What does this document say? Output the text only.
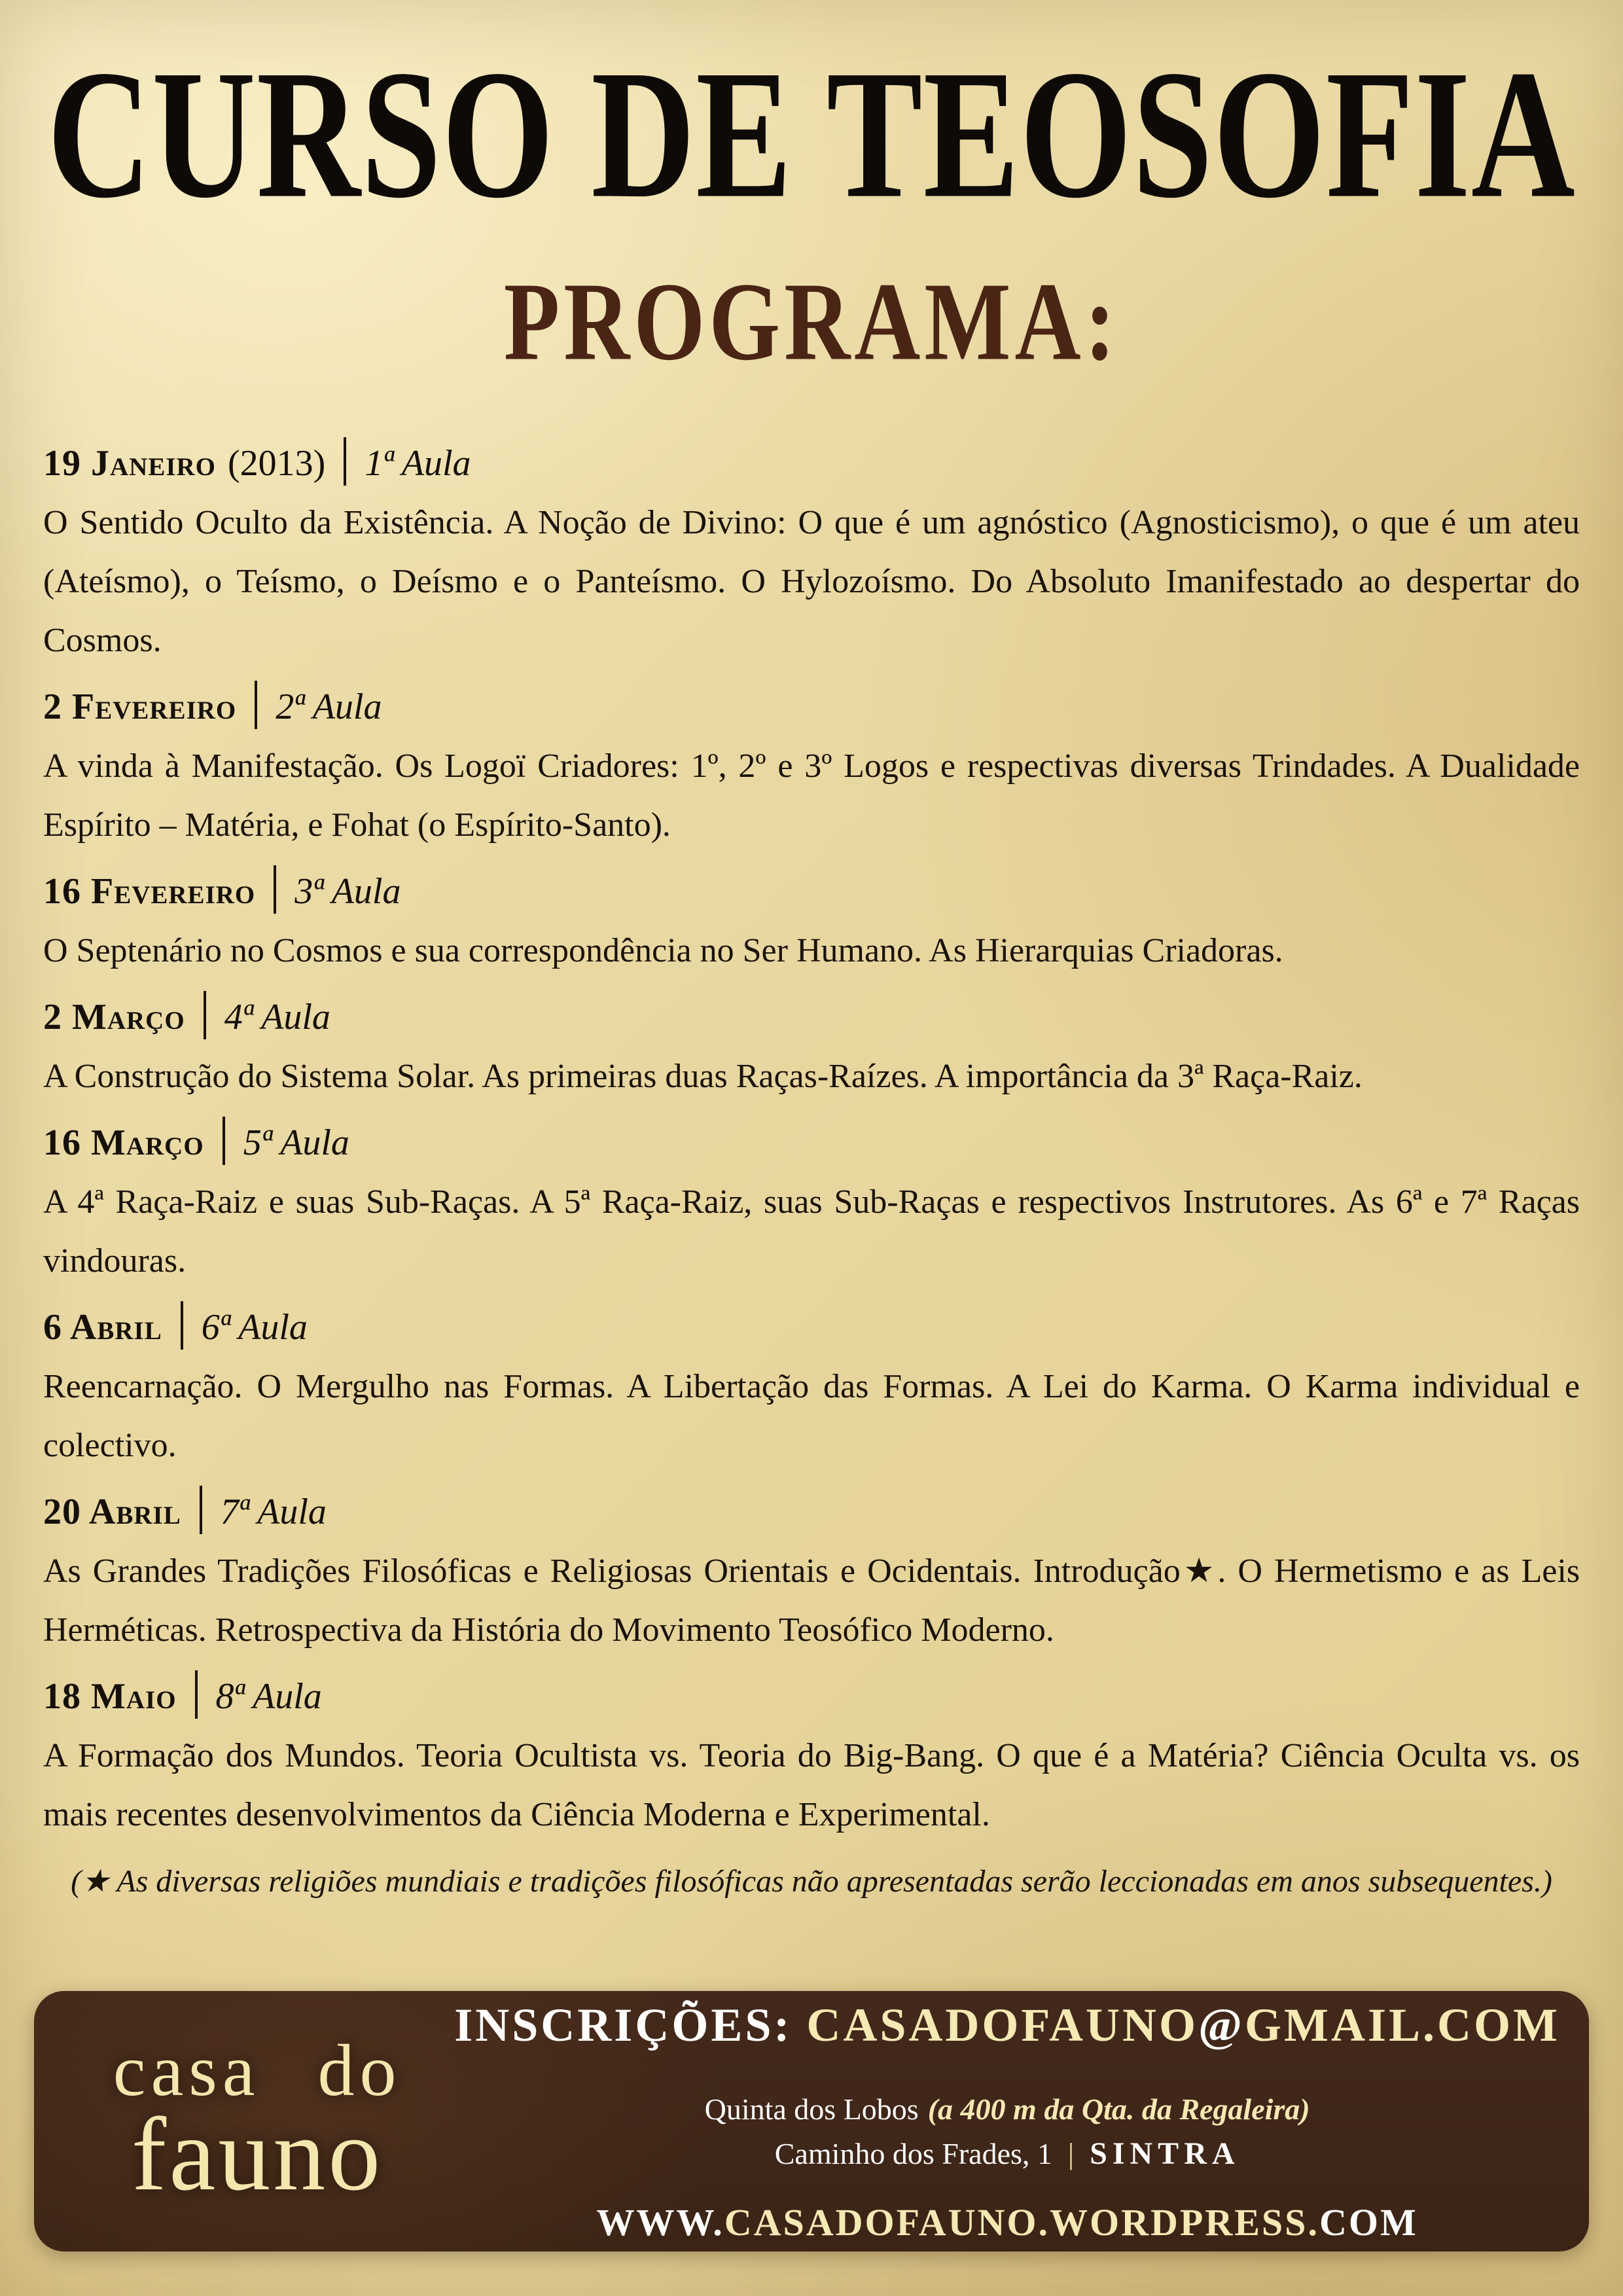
CURSO DE TEOSOFIA
PROGRAMA:
19 Janeiro (2013) 1ª Aula

O Sentido Oculto da Existência. A Noção de Divino: O que é um agnóstico (Agnosticismo), o que é um ateu (Ateísmo), o Teísmo, o Deísmo e o Panteísmo. O Hylozoísmo. Do Absoluto Imanifestado ao despertar do Cosmos.

2 Fevereiro 2ª Aula

A vinda à Manifestação. Os Logoï Criadores: 1º, 2º e 3º Logos e respectivas diversas Trindades. A Dualidade Espírito – Matéria, e Fohat (o Espírito-Santo).

16 Fevereiro 3ª Aula

O Septenário no Cosmos e sua correspondência no Ser Humano. As Hierarquias Criadoras.

2 Março 4ª Aula

A Construção do Sistema Solar. As primeiras duas Raças-Raízes. A importância da 3ª Raça-Raiz.

16 Março 5ª Aula

A 4ª Raça-Raiz e suas Sub-Raças. A 5ª Raça-Raiz, suas Sub-Raças e respectivos Instrutores. As 6ª e 7ª Raças vindouras.

6 Abril 6ª Aula

Reencarnação. O Mergulho nas Formas. A Libertação das Formas. A Lei do Karma. O Karma individual e colectivo.

20 Abril 7ª Aula

As Grandes Tradições Filosóficas e Religiosas Orientais e Ocidentais. Introdução★. O Hermetismo e as Leis Herméticas. Retrospectiva da História do Movimento Teosófico Moderno.

18 Maio 8ª Aula

A Formação dos Mundos. Teoria Ocultista vs. Teoria do Big-Bang. O que é a Matéria? Ciência Oculta vs. os mais recentes desenvolvimentos da Ciência Moderna e Experimental.

(★ As diversas religiões mundiais e tradições filosóficas não apresentadas serão leccionadas em anos subsequentes.)

casa do
fauno
INSCRIÇÕES: CASADOFAUNO@GMAIL.COM
Quinta dos Lobos (a 400 m da Qta. da Regaleira)
Caminho dos Frades, 1 | SINTRA
WWW.CASADOFAUNO.WORDPRESS.COM
